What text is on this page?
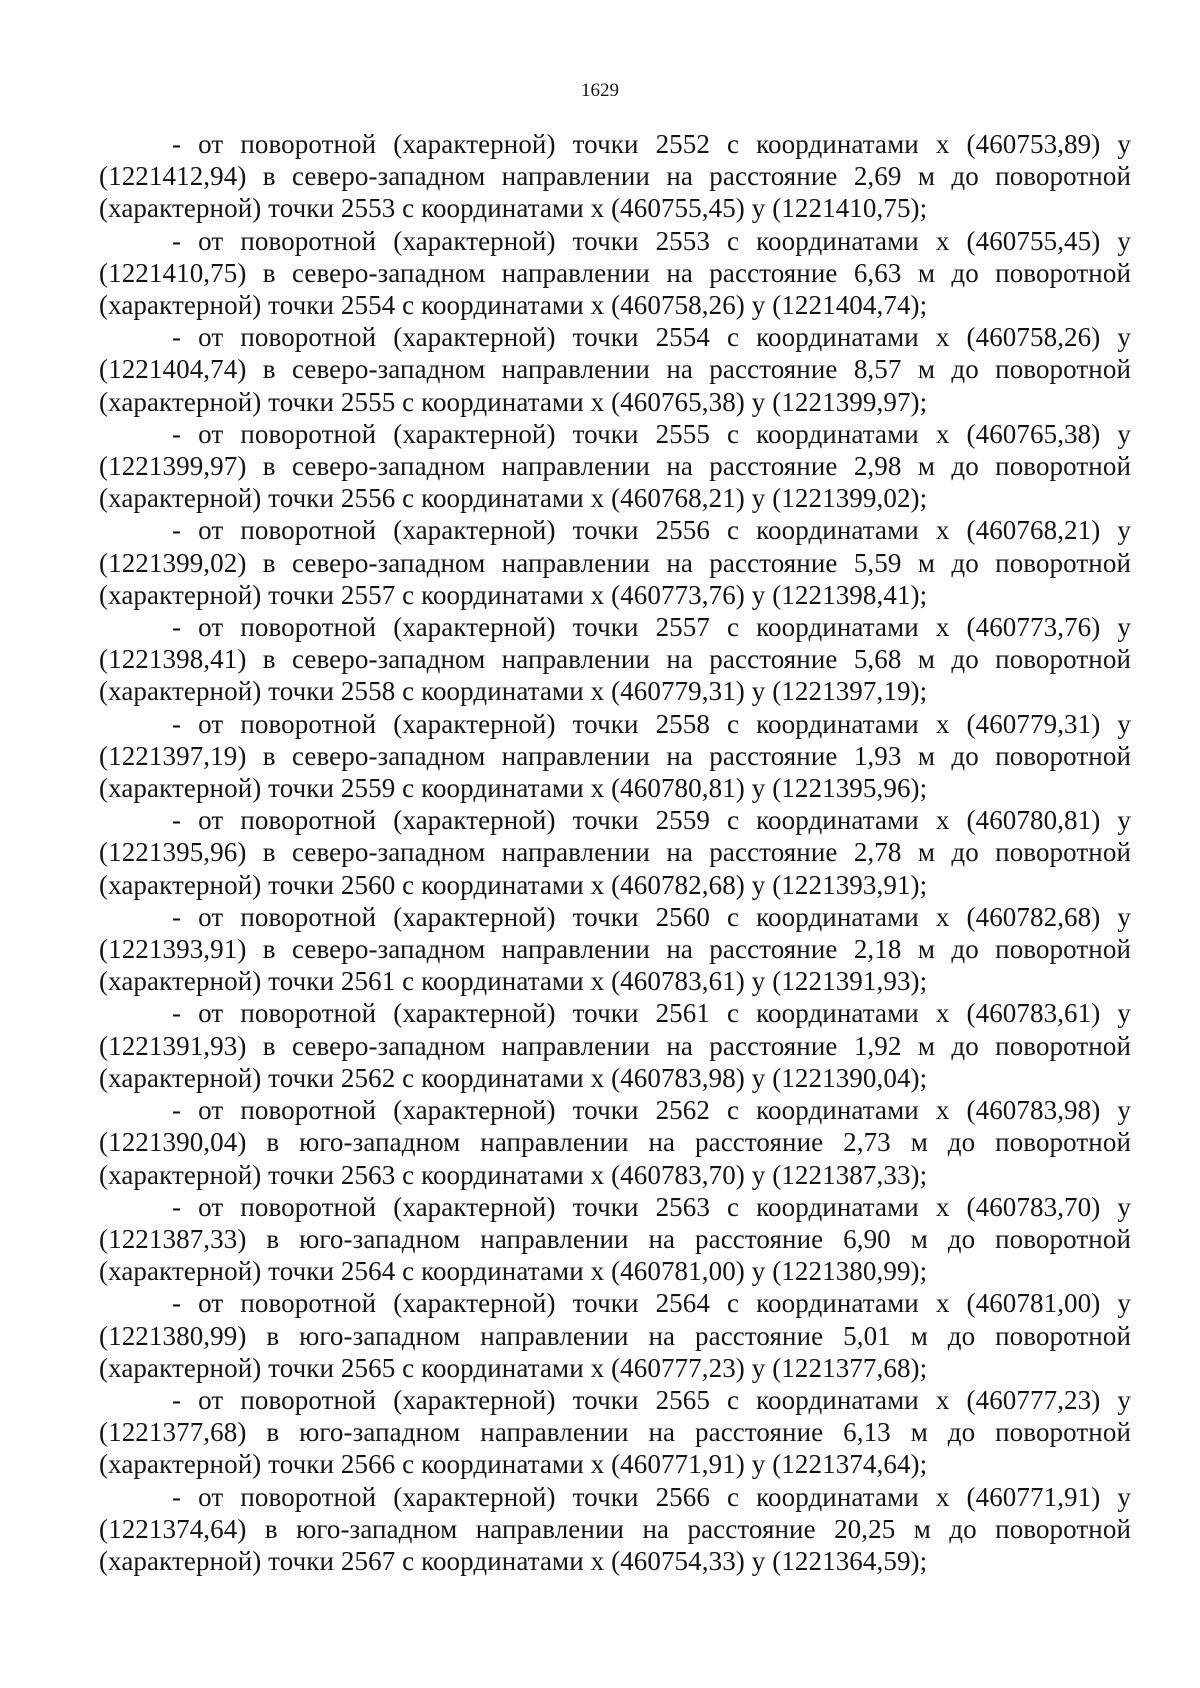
1629

- от поворотной (характерной) точки 2552 с координатами х (460753,89) у (1221412,94) в северо-западном направлении на расстояние 2,69 м до поворотной (характерной) точки 2553 с координатами х (460755,45) у (1221410,75);

- от поворотной (характерной) точки 2553 с координатами х (460755,45) у (1221410,75) в северо-западном направлении на расстояние 6,63 м до поворотной (характерной) точки 2554 с координатами х (460758,26) у (1221404,74);

- от поворотной (характерной) точки 2554 с координатами х (460758,26) у (1221404,74) в северо-западном направлении на расстояние 8,57 м до поворотной (характерной) точки 2555 с координатами х (460765,38) у (1221399,97);

- от поворотной (характерной) точки 2555 с координатами х (460765,38) у (1221399,97) в северо-западном направлении на расстояние 2,98 м до поворотной (характерной) точки 2556 с координатами х (460768,21) у (1221399,02);

- от поворотной (характерной) точки 2556 с координатами х (460768,21) у (1221399,02) в северо-западном направлении на расстояние 5,59 м до поворотной (характерной) точки 2557 с координатами х (460773,76) у (1221398,41);

- от поворотной (характерной) точки 2557 с координатами х (460773,76) у (1221398,41) в северо-западном направлении на расстояние 5,68 м до поворотной (характерной) точки 2558 с координатами х (460779,31) у (1221397,19);

- от поворотной (характерной) точки 2558 с координатами х (460779,31) у (1221397,19) в северо-западном направлении на расстояние 1,93 м до поворотной (характерной) точки 2559 с координатами х (460780,81) у (1221395,96);

- от поворотной (характерной) точки 2559 с координатами х (460780,81) у (1221395,96) в северо-западном направлении на расстояние 2,78 м до поворотной (характерной) точки 2560 с координатами х (460782,68) у (1221393,91);

- от поворотной (характерной) точки 2560 с координатами х (460782,68) у (1221393,91) в северо-западном направлении на расстояние 2,18 м до поворотной (характерной) точки 2561 с координатами х (460783,61) у (1221391,93);

- от поворотной (характерной) точки 2561 с координатами х (460783,61) у (1221391,93) в северо-западном направлении на расстояние 1,92 м до поворотной (характерной) точки 2562 с координатами х (460783,98) у (1221390,04);

- от поворотной (характерной) точки 2562 с координатами х (460783,98) у (1221390,04) в юго-западном направлении на расстояние 2,73 м до поворотной (характерной) точки 2563 с координатами х (460783,70) у (1221387,33);

- от поворотной (характерной) точки 2563 с координатами х (460783,70) у (1221387,33) в юго-западном направлении на расстояние 6,90 м до поворотной (характерной) точки 2564 с координатами х (460781,00) у (1221380,99);

- от поворотной (характерной) точки 2564 с координатами х (460781,00) у (1221380,99) в юго-западном направлении на расстояние 5,01 м до поворотной (характерной) точки 2565 с координатами х (460777,23) у (1221377,68);

- от поворотной (характерной) точки 2565 с координатами х (460777,23) у (1221377,68) в юго-западном направлении на расстояние 6,13 м до поворотной (характерной) точки 2566 с координатами х (460771,91) у (1221374,64);

- от поворотной (характерной) точки 2566 с координатами х (460771,91) у (1221374,64) в юго-западном направлении на расстояние 20,25 м до поворотной (характерной) точки 2567 с координатами х (460754,33) у (1221364,59);
